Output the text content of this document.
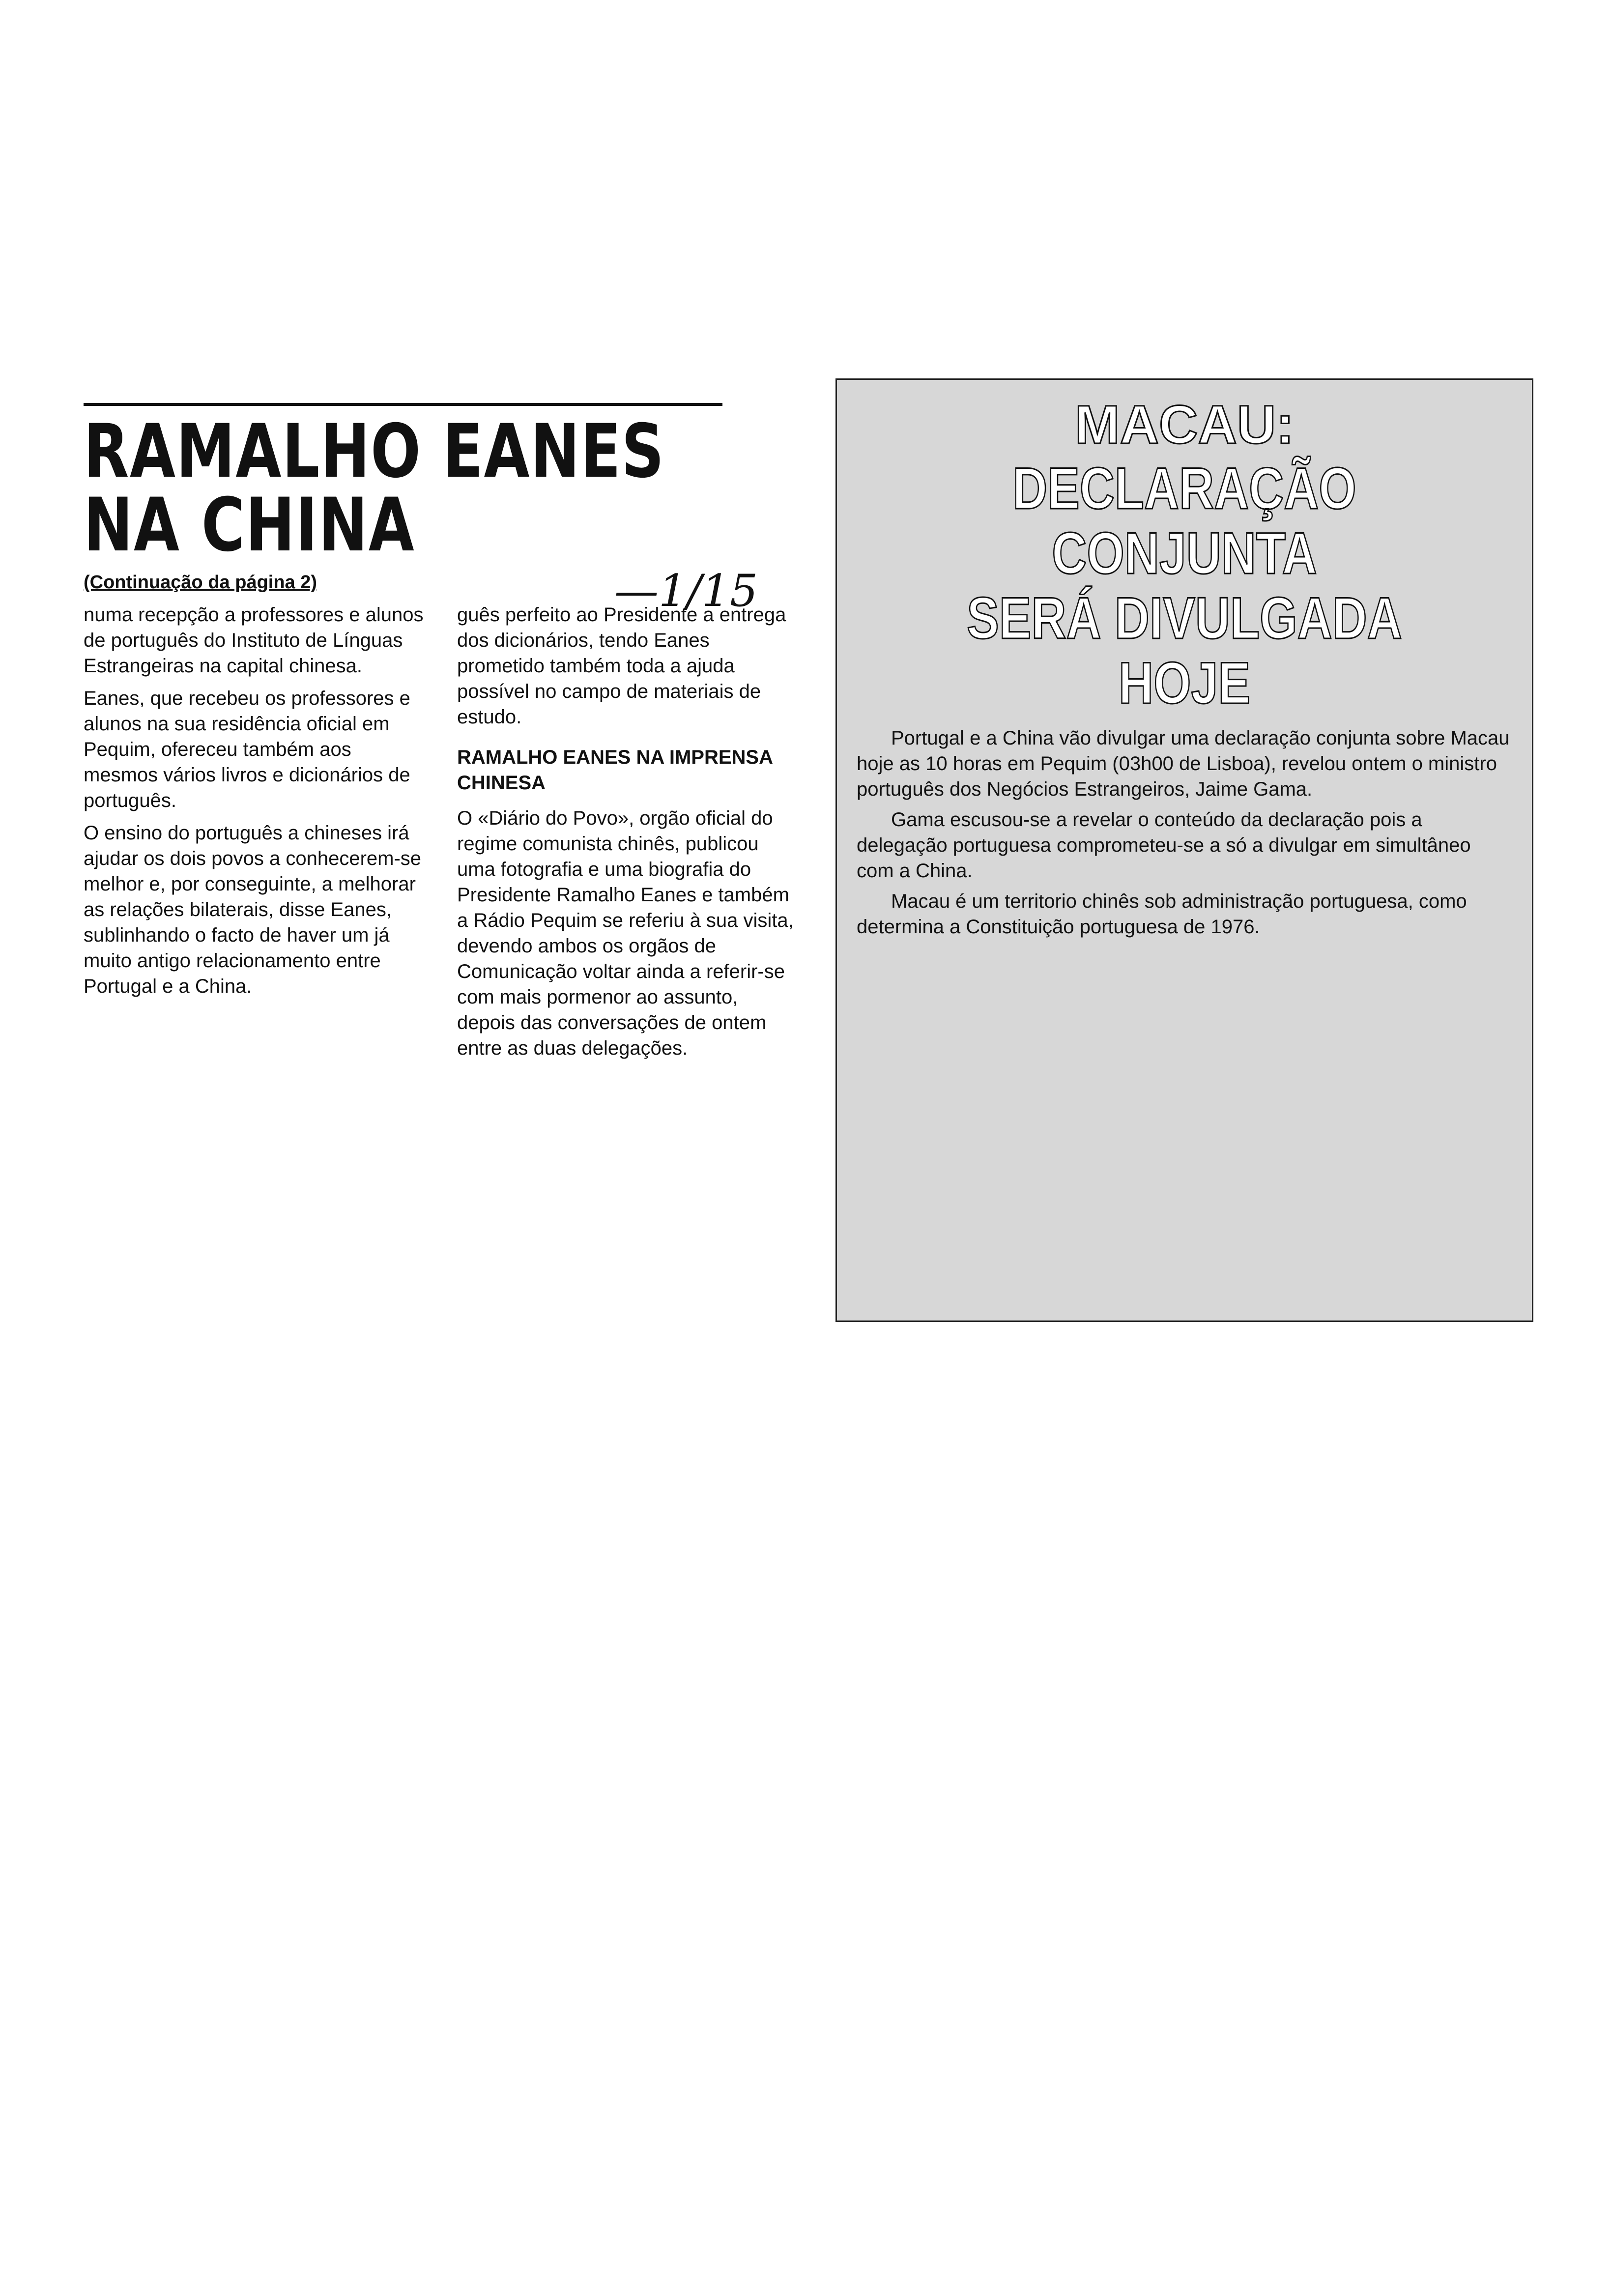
RAMALHO EANES
NA CHINA
—1/15
(Continuação da página 2)

numa recepção a professores e alunos de português do Instituto de Línguas Estrangeiras na capital chinesa.

Eanes, que recebeu os professores e alunos na sua residência oficial em Pequim, ofereceu também aos mesmos vários livros e dicionários de português.

O ensino do português a chineses irá ajudar os dois povos a conhecerem-se melhor e, por conseguinte, a melhorar as relações bilaterais, disse Eanes, sublinhando o facto de haver um já muito antigo relacionamento entre Portugal e a China.

guês perfeito ao Presidente a entrega dos dicionários, tendo Eanes prometido também toda a ajuda possível no campo de materiais de estudo.

RAMALHO EANES NA IMPRENSA CHINESA

O «Diário do Povo», orgão oficial do regime comunista chinês, publicou uma fotografia e uma biografia do Presidente Ramalho Eanes e também a Rádio Pequim se referiu à sua visita, devendo ambos os orgãos de Comunicação voltar ainda a referir-se com mais pormenor ao assunto, depois das conversações de ontem entre as duas delegações.

MACAU:
DECLARAÇÃO CONJUNTA
SERÁ DIVULGADA HOJE

Portugal e a China vão divulgar uma declaração conjunta sobre Macau hoje as 10 horas em Pequim (03h00 de Lisboa), revelou ontem o ministro português dos Negócios Estrangeiros, Jaime Gama.

Gama escusou-se a revelar o conteúdo da declaração pois a delegação portuguesa comprometeu-se a só a divulgar em simultâneo com a China.

Macau é um territorio chinês sob administração portuguesa, como determina a Constituição portuguesa de 1976.
